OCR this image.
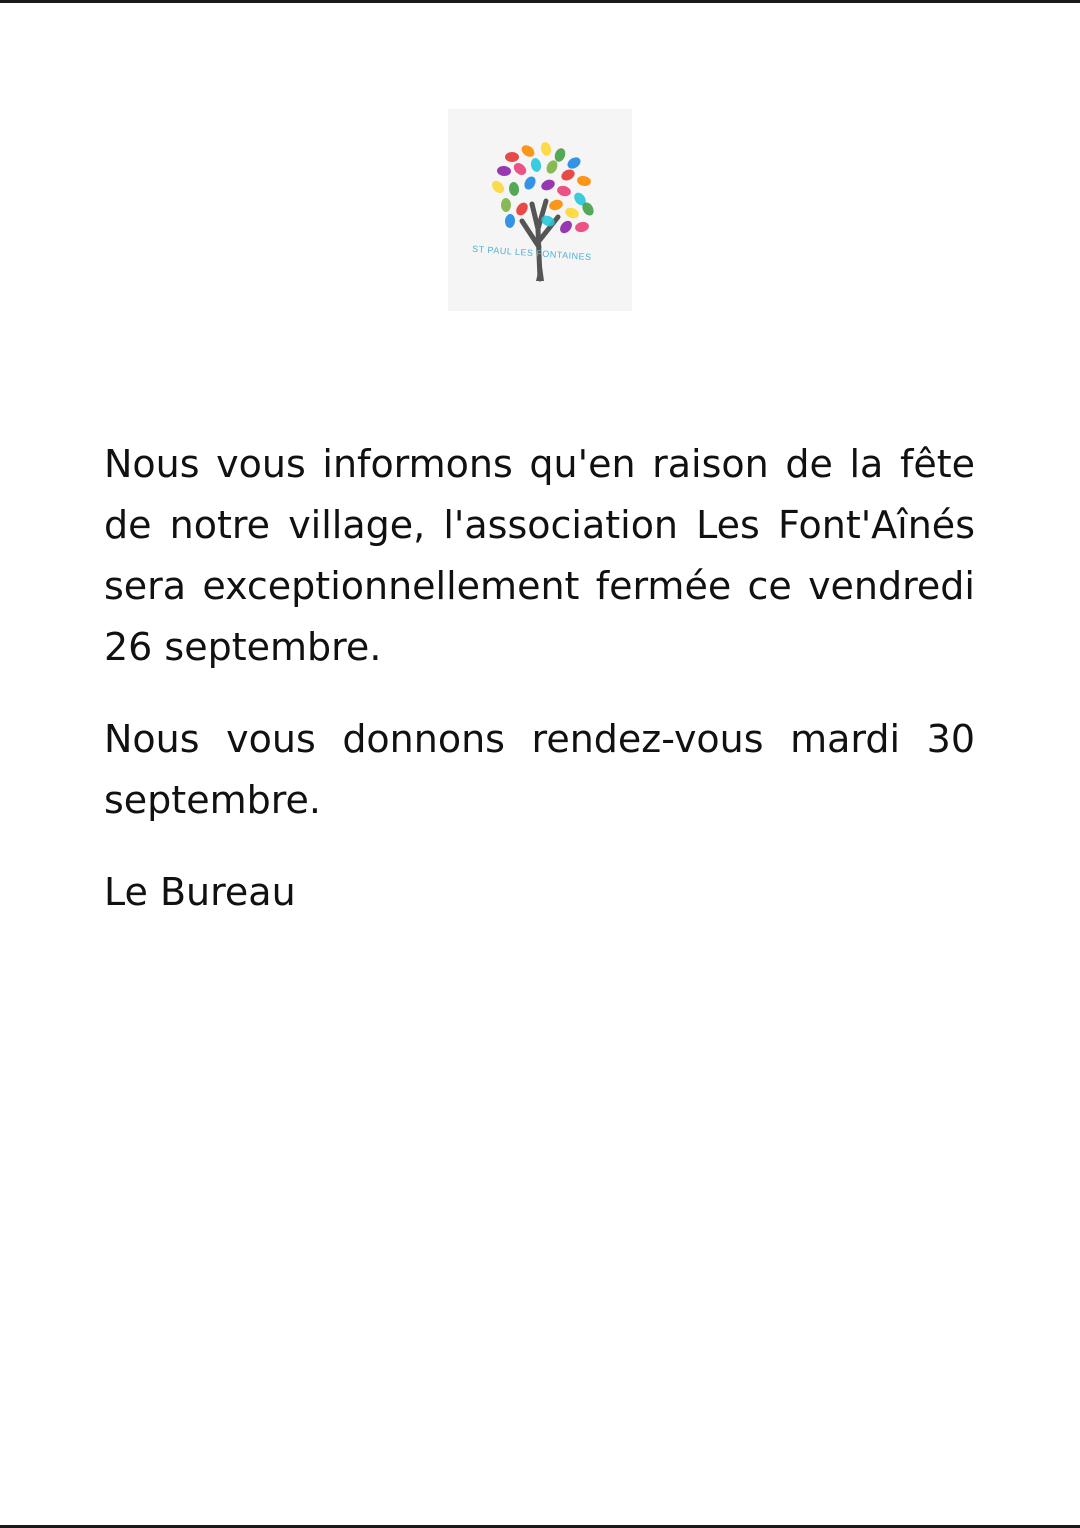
ST PAUL LES FONTAINES

Nous vous informons qu'en raison de la fête de notre village, l'association Les Font'Aînés sera exceptionnellement fermée ce vendredi 26 septembre.

Nous vous donnons rendez-vous mardi 30 septembre.

Le Bureau
